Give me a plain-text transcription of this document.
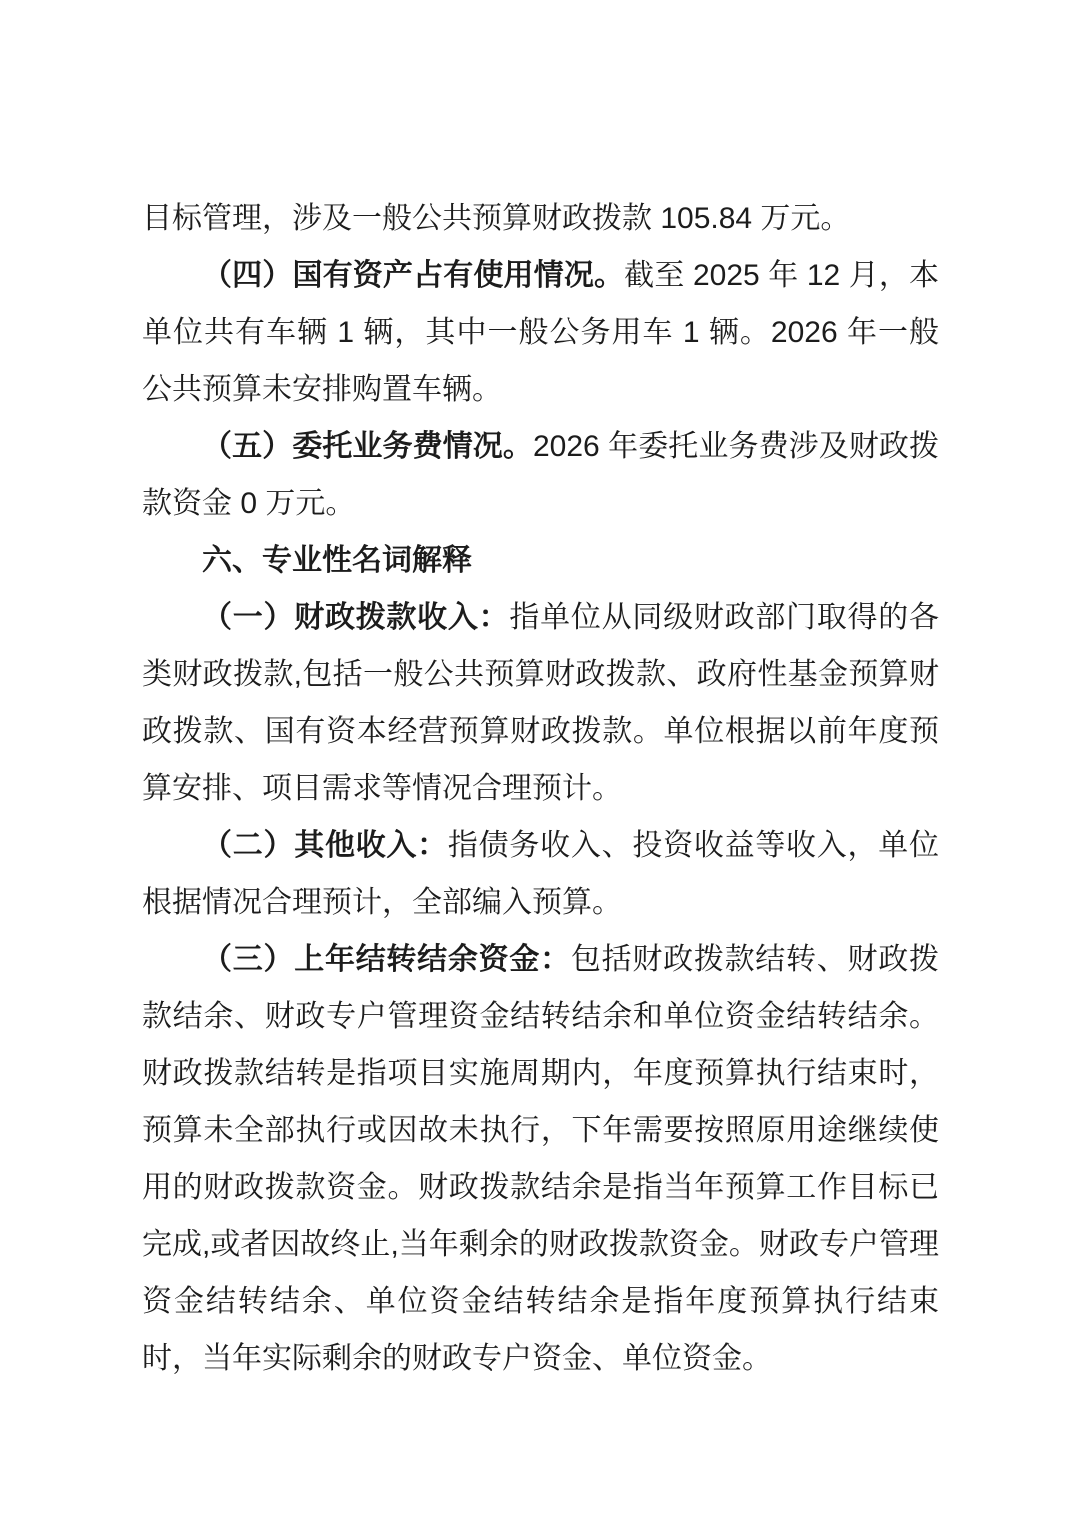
目标管理，涉及一般公共预算财政拨款 105.84 万元。

（四）国有资产占有使用情况。截至 2025 年 12 月，本单位共有车辆 1 辆，其中一般公务用车 1 辆。2026 年一般公共预算未安排购置车辆。

（五）委托业务费情况。2026 年委托业务费涉及财政拨款资金 0 万元。

六、专业性名词解释

（一）财政拨款收入：指单位从同级财政部门取得的各类财政拨款,包括一般公共预算财政拨款、政府性基金预算财政拨款、国有资本经营预算财政拨款。单位根据以前年度预算安排、项目需求等情况合理预计。

（二）其他收入：指债务收入、投资收益等收入，单位根据情况合理预计，全部编入预算。

（三）上年结转结余资金：包括财政拨款结转、财政拨款结余、财政专户管理资金结转结余和单位资金结转结余。财政拨款结转是指项目实施周期内，年度预算执行结束时，预算未全部执行或因故未执行，下年需要按照原用途继续使用的财政拨款资金。财政拨款结余是指当年预算工作目标已完成,或者因故终止,当年剩余的财政拨款资金。财政专户管理资金结转结余、单位资金结转结余是指年度预算执行结束时，当年实际剩余的财政专户资金、单位资金。
